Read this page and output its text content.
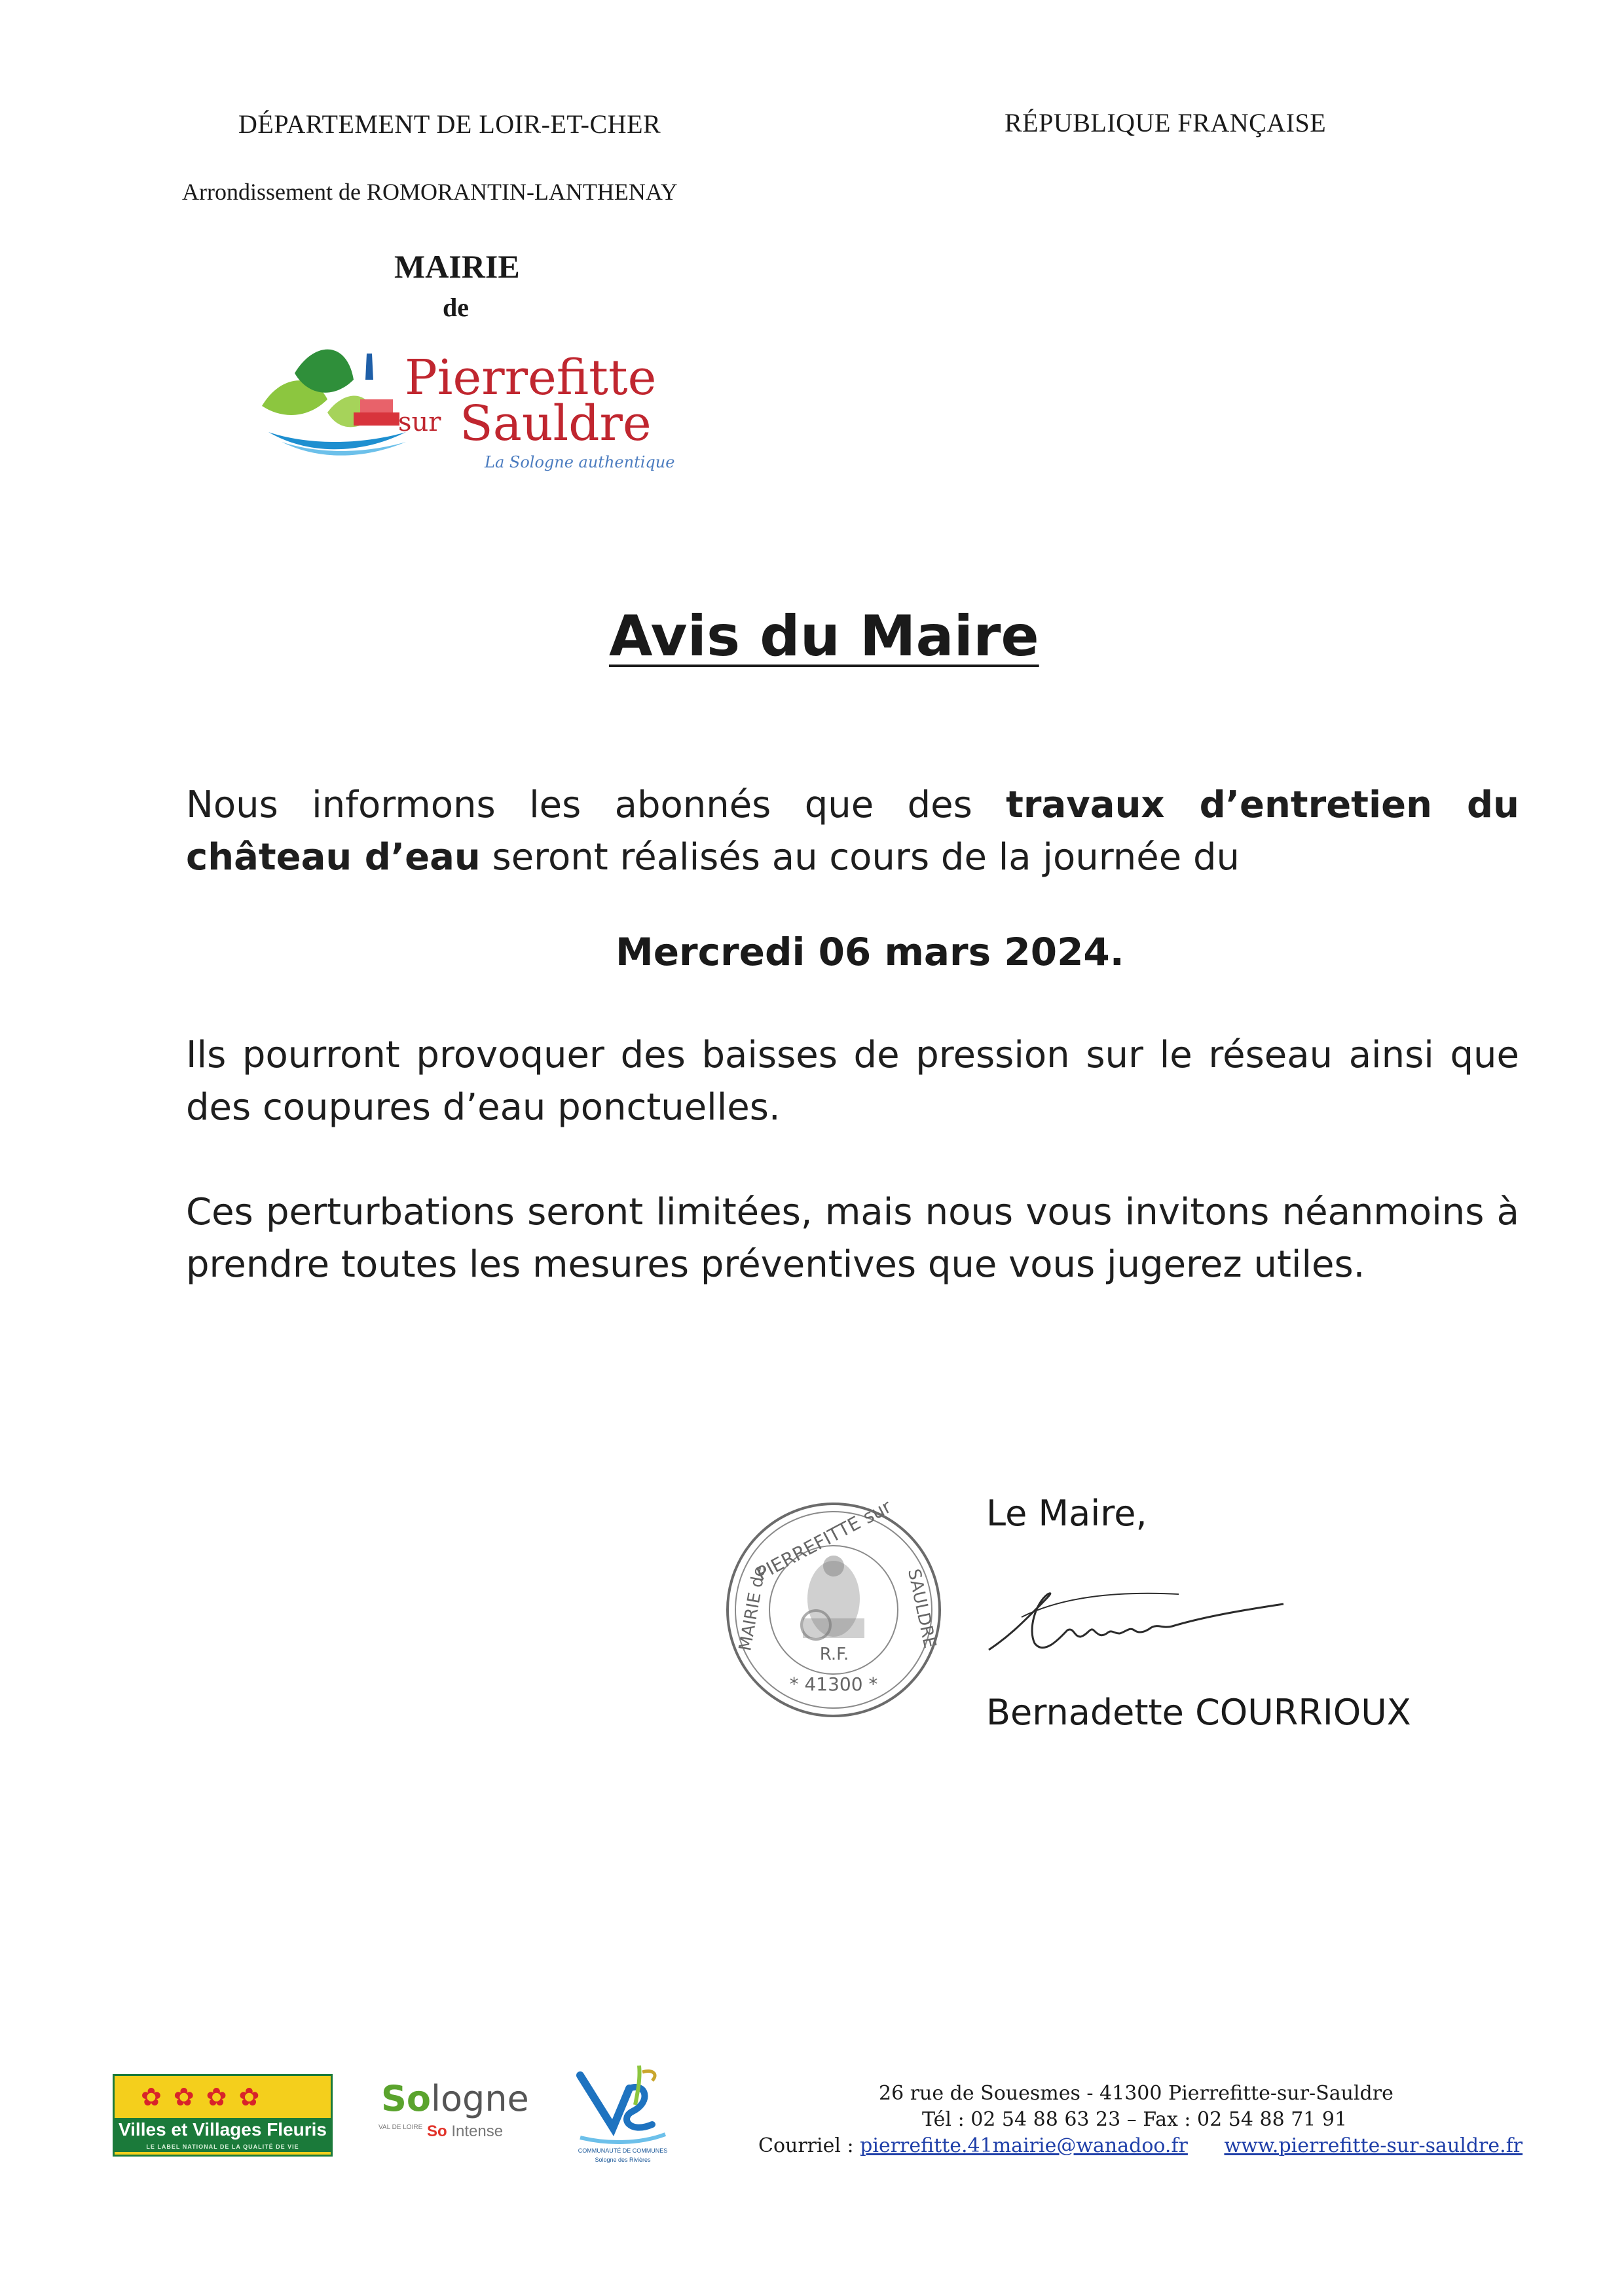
DÉPARTEMENT DE LOIR-ET-CHER	RÉPUBLIQUE FRANÇAISE
Arrondissement de ROMORANTIN-LANTHENAY
MAIRIE
de
Pierrefitte
sur Sauldre
La Sologne authentique
Avis du Maire
Nous informons les abonnés que des travaux d’entretien du château d’eau seront réalisés au cours de la journée du
Mercredi 06 mars 2024.
Ils pourront provoquer des baisses de pression sur le réseau ainsi que des coupures d’eau ponctuelles.
Ces perturbations seront limitées, mais nous vous invitons néanmoins à prendre toutes les mesures préventives que vous jugerez utiles.
R.F.
* 41300 *
PIERREFITTE sur
MAIRIE de	SAULDRE
Le Maire,
Bernadette COURRIOUX
✿✿✿✿
Villes et Villages Fleuris
LE LABEL NATIONAL DE LA QUALITÉ DE VIE
Sologne
VAL DE LOIRE So Intense
COMMUNAUTÉ DE COMMUNES
Sologne des Rivières
26 rue de Souesmes - 41300 Pierrefitte-sur-Sauldre
Tél : 02 54 88 63 23 – Fax : 02 54 88 71 91
Courriel : pierrefitte.41mairie@wanadoo.fr www.pierrefitte-sur-sauldre.fr
